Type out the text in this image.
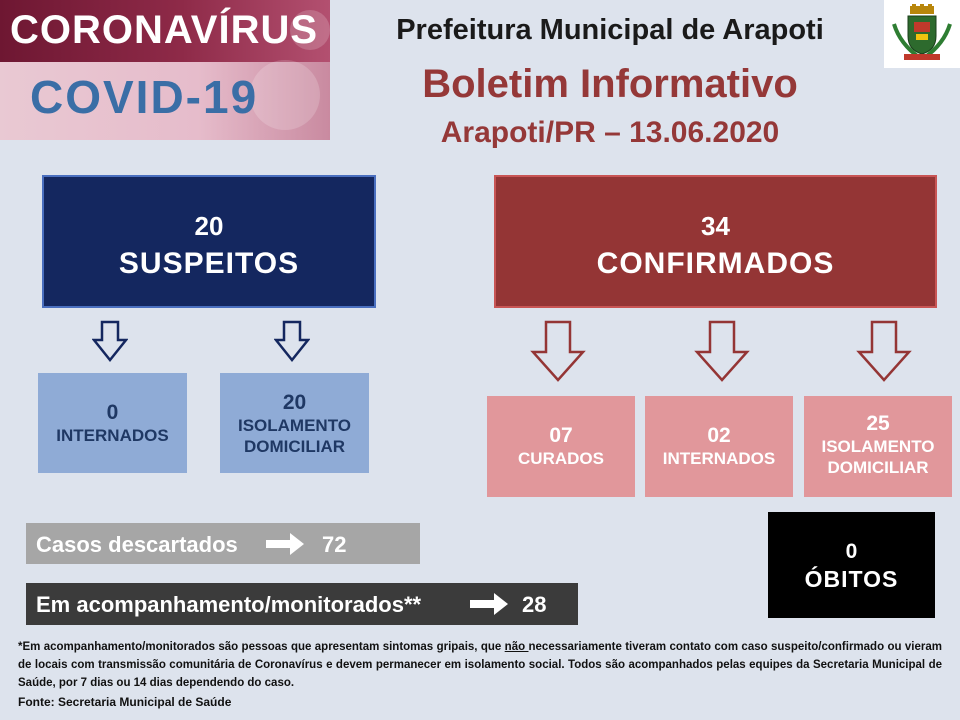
CORONAVÍRUS
COVID-19
Prefeitura Municipal de Arapoti
Boletim Informativo
Arapoti/PR – 13.06.2020
20
SUSPEITOS
34
CONFIRMADOS
0
INTERNADOS
20
ISOLAMENTO
DOMICILIAR	07
CURADOS
02
INTERNADOS
25
ISOLAMENTO
DOMICILIAR
Casos descartados	72
Em acompanhamento/monitorados**	28
0
ÓBITOS
*Em acompanhamento/monitorados são pessoas que apresentam sintomas gripais, que não necessariamente tiveram contato com caso suspeito/confirmado ou vieram de locais com transmissão comunitária de Coronavírus e devem permanecer em isolamento social. Todos são acompanhados pelas equipes da Secretaria Municipal de Saúde, por 7 dias ou 14 dias dependendo do caso.
Fonte: Secretaria Municipal de Saúde
